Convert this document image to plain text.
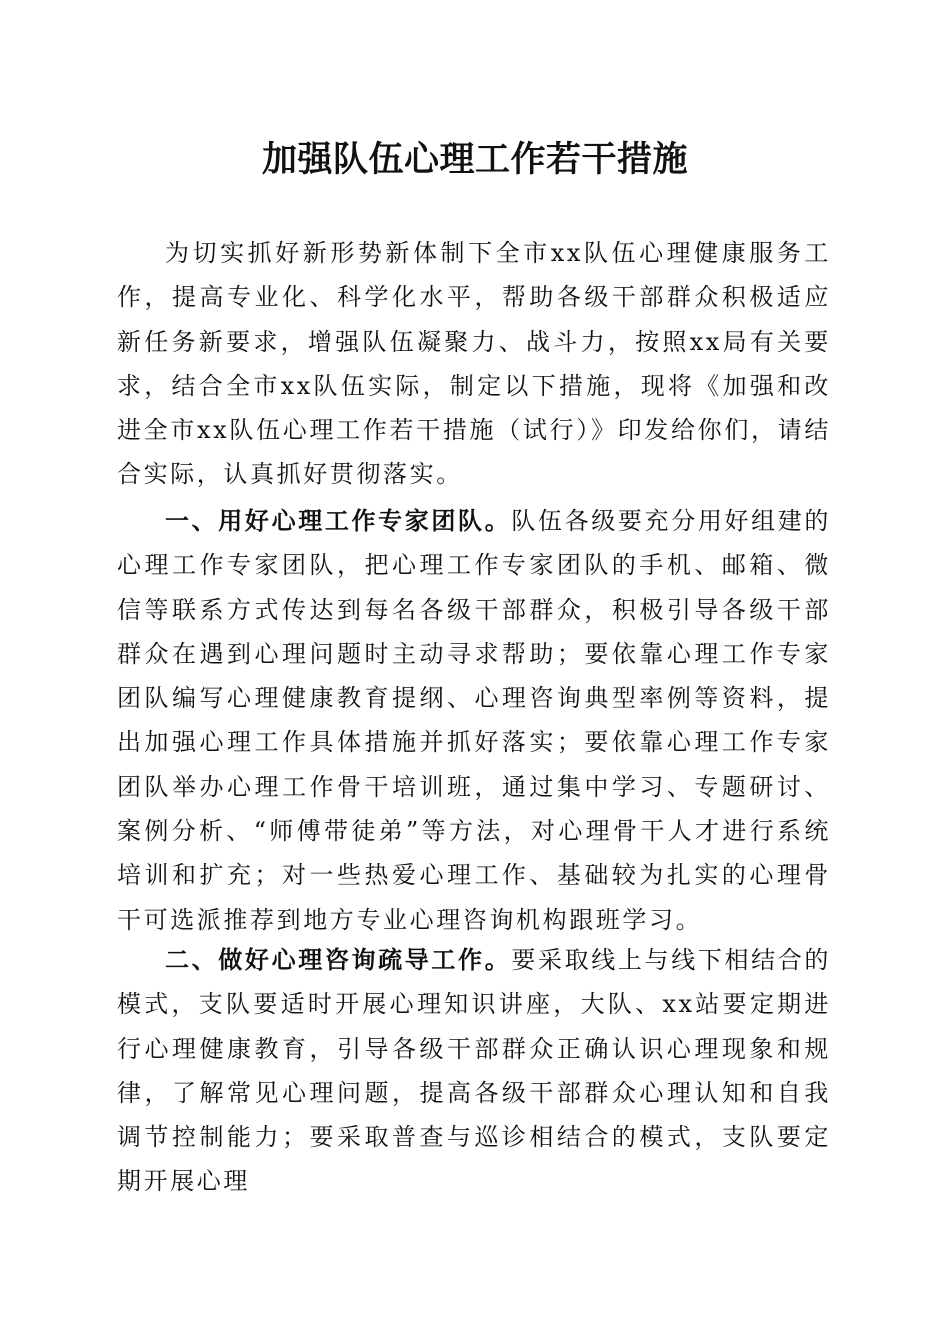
加强队伍心理工作若干措施

为切实抓好新形势新体制下全市xx队伍心理健康服务工作，提高专业化、科学化水平，帮助各级干部群众积极适应新任务新要求，增强队伍凝聚力、战斗力，按照xx局有关要求，结合全市xx队伍实际，制定以下措施，现将《加强和改进全市xx队伍心理工作若干措施（试行）》印发给你们，请结合实际，认真抓好贯彻落实。

一、用好心理工作专家团队。队伍各级要充分用好组建的心理工作专家团队，把心理工作专家团队的手机、邮箱、微信等联系方式传达到每名各级干部群众，积极引导各级干部群众在遇到心理问题时主动寻求帮助；要依靠心理工作专家团队编写心理健康教育提纲、心理咨询典型率例等资料，提出加强心理工作具体措施并抓好落实；要依靠心理工作专家团队举办心理工作骨干培训班，通过集中学习、专题研讨、案例分析、“师傅带徒弟”等方法，对心理骨干人才进行系统培训和扩充；对一些热爱心理工作、基础较为扎实的心理骨干可选派推荐到地方专业心理咨询机构跟班学习。

二、做好心理咨询疏导工作。要采取线上与线下相结合的模式，支队要适时开展心理知识讲座，大队、xx站要定期进行心理健康教育，引导各级干部群众正确认识心理现象和规律，了解常见心理问题，提高各级干部群众心理认知和自我调节控制能力；要采取普查与巡诊相结合的模式，支队要定期开展心理
